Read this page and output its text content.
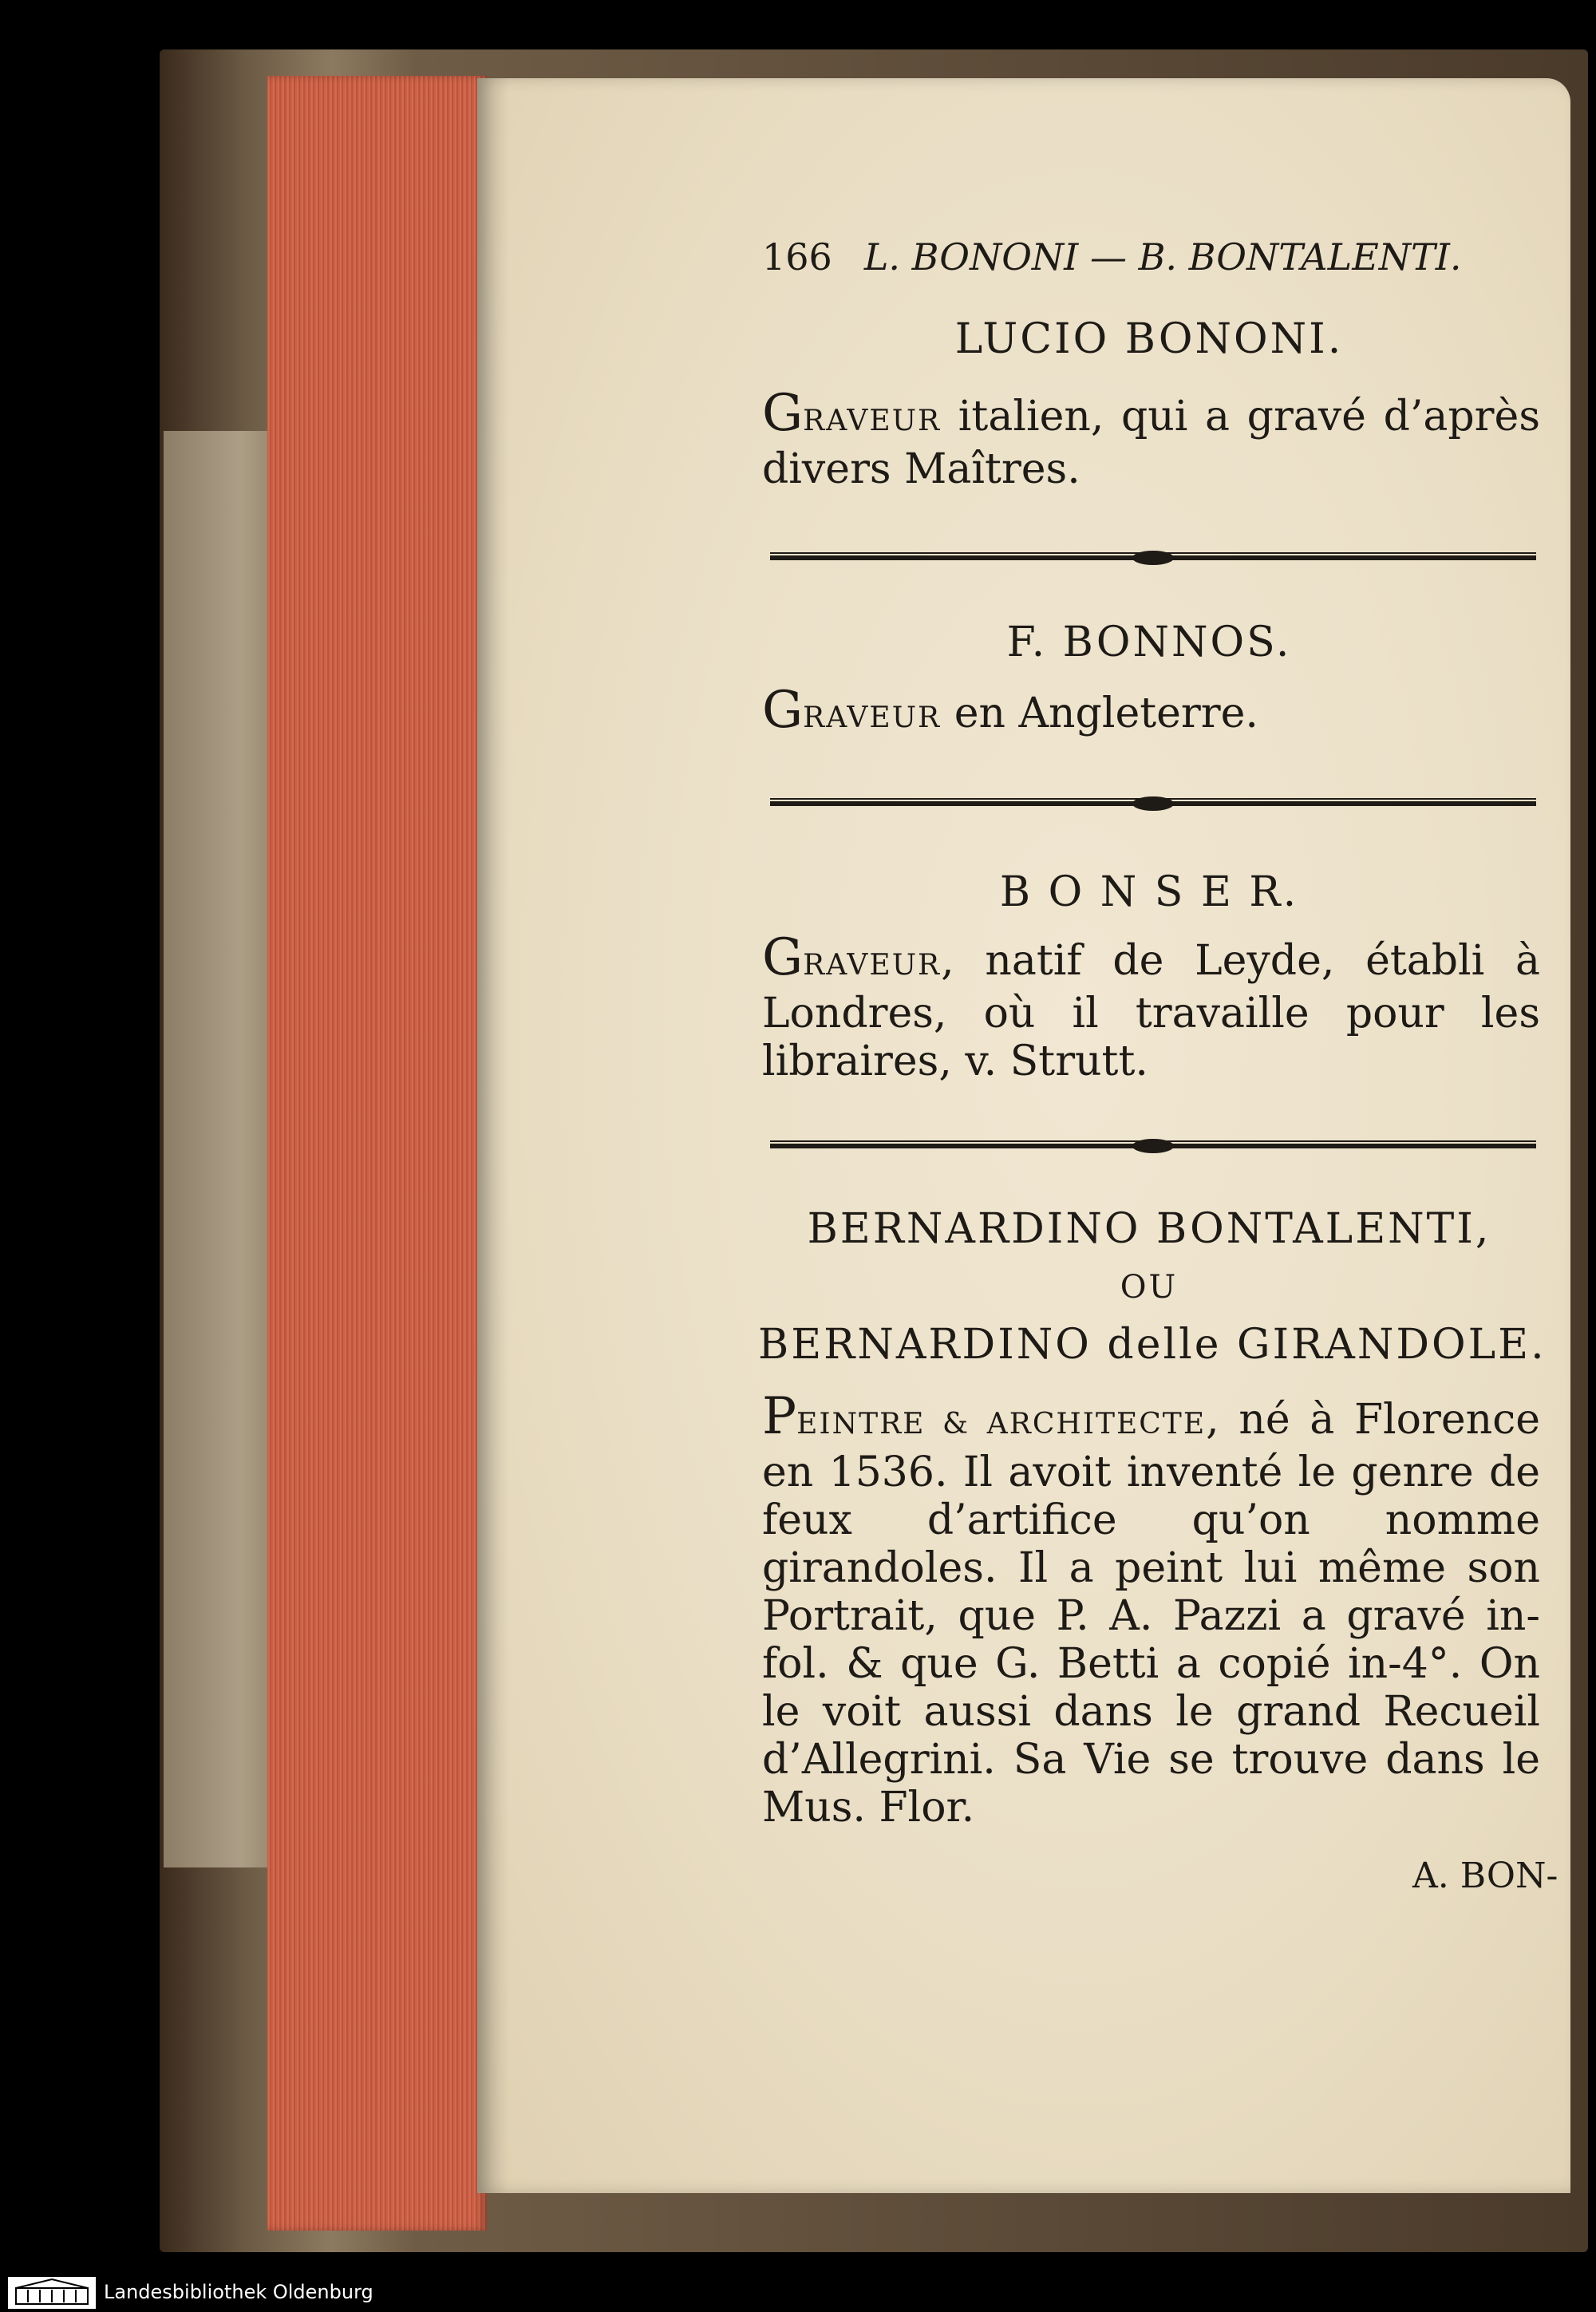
166 L. BONONI — B. BONTALENTI.
LUCIO BONONI.
GRAVEUR italien, qui a gravé d’après divers Maîtres.
F. BONNOS.
GRAVEUR en Angleterre.
B O N S E R.
GRAVEUR, natif de Leyde, établi à Londres, où il travaille pour les libraires, v. Strutt.
BERNARDINO BONTALENTI,
OU
BERNARDINO delle GIRANDOLE.
PEINTRE & ARCHITECTE, né à Florence en 1536. Il avoit inventé le genre de feux d’artifice qu’on nomme girandoles. Il a peint lui même son Portrait, que P. A. Pazzi a gravé in-fol. & que G. Betti a copié in-4°. On le voit aussi dans le grand Recueil d’Allegrini. Sa Vie se trouve dans le Mus. Flor.
A. BON-
Landesbibliothek Oldenburg
